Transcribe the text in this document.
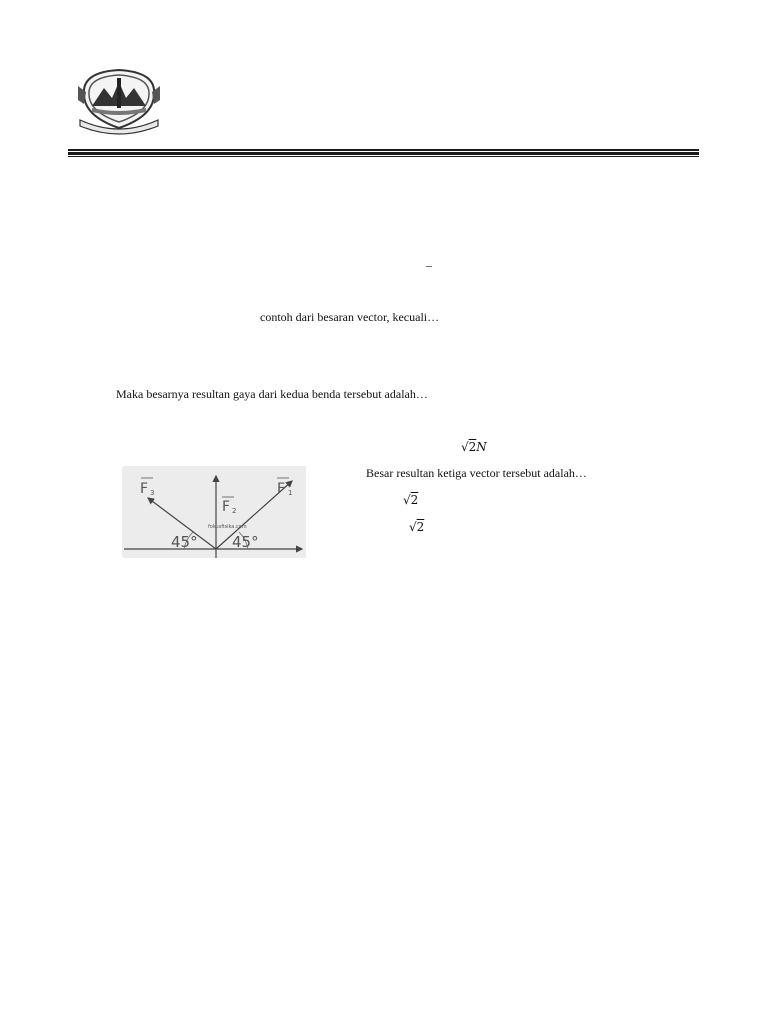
–
contoh dari besaran vector, kecuali…
Maka besarnya resultan gaya dari kedua benda tersebut adalah…
√2N
Besar resultan ketiga vector tersebut adalah…
√2
√2
F 3
F 2
F 1
fokusfisika.com
45° 45°
